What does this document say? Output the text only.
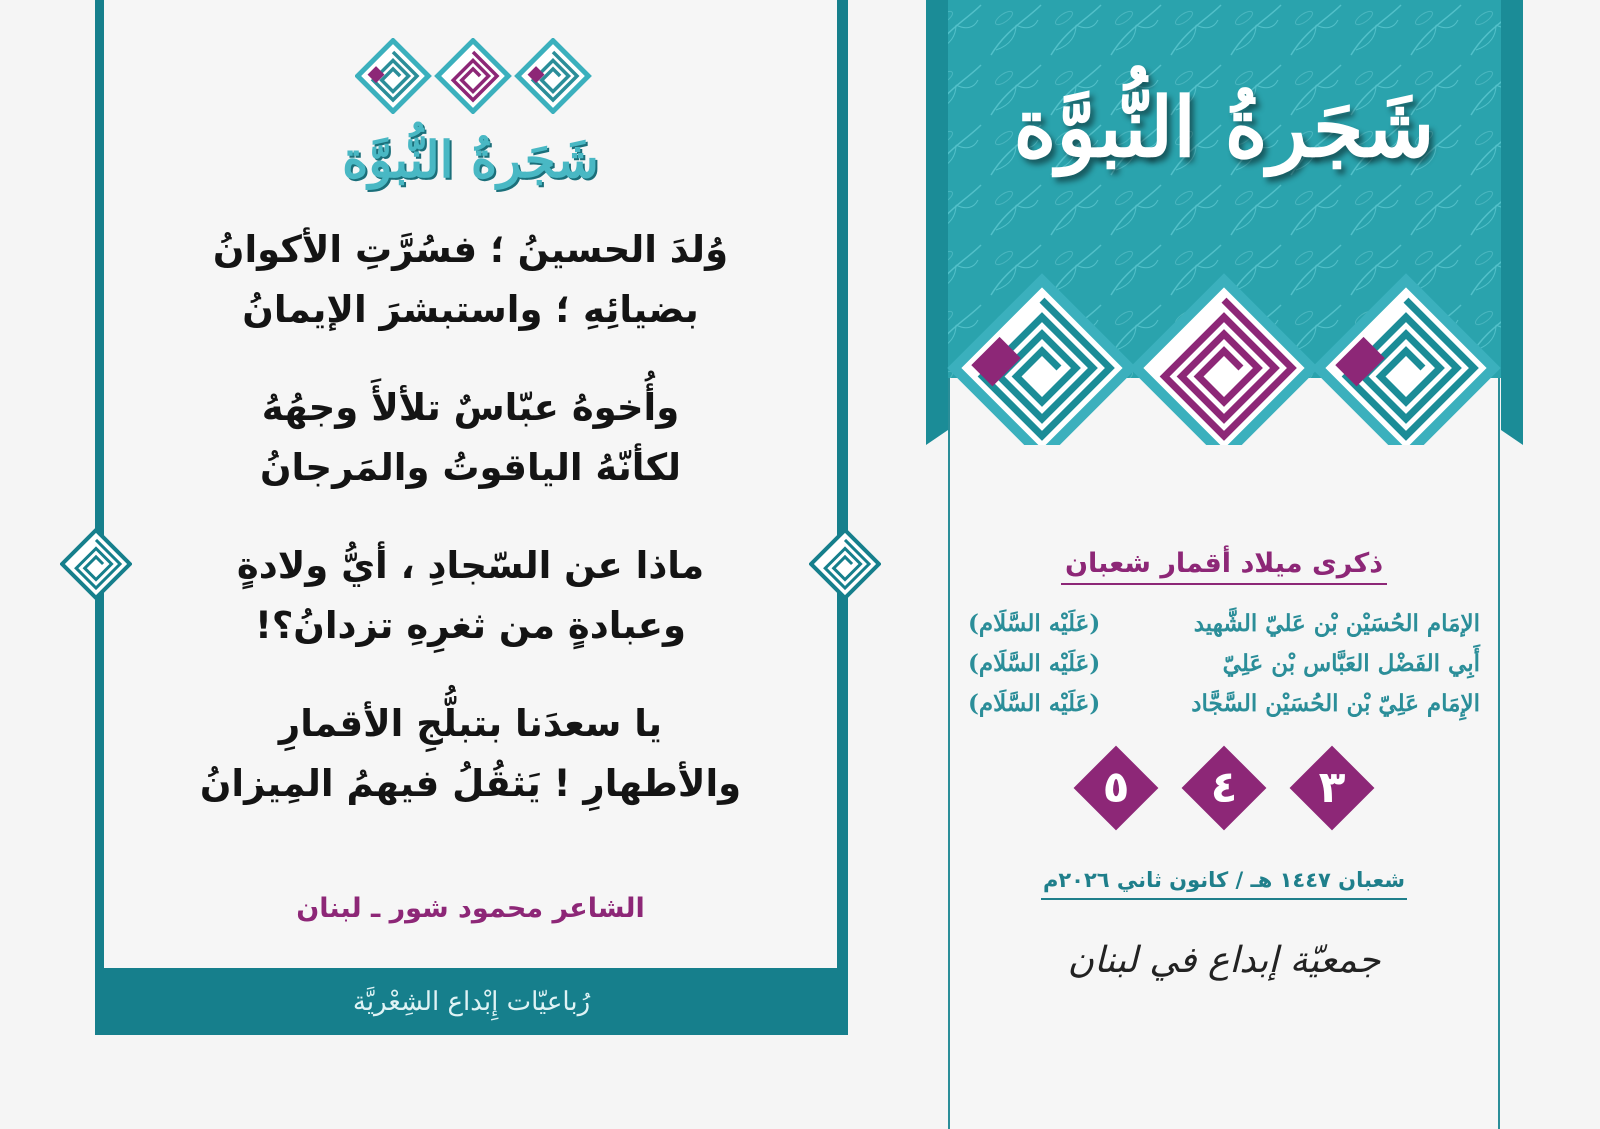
شَجَرةُ النُّبوَّة
وُلدَ الحسينُ ؛ فسُرَّتِ الأكوانُ
بضيائِهِ ؛ واستبشرَ الإيمانُ
وأُخوهُ عبّاسٌ تلألأَ وجهُهُ
لكأنّهُ الياقوتُ والمَرجانُ
ماذا عن السّجادِ ، أيُّ ولادةٍ
وعبادةٍ من ثغرِهِ تزدانُ؟!
يا سعدَنا بتبلُّجِ الأقمارِ
والأطهارِ ! يَثقُلُ فيهمُ المِيزانُ
الشاعر محمود شور ـ لبنان
رُباعيّات إِبْداع الشِعْريَّة
شَجَرةُ النُّبوَّة
ذكرى ميلاد أقمار شعبان
الإمَام الحُسَيْن بْن عَليّ الشَّهيد
(عَلَيْه السَّلَام)
أَبِي الفَضْل العَبَّاس بْن عَلِيّ
(عَلَيْه السَّلَام)
الإِمَام عَلِيّ بْن الحُسَيْن السَّجَّاد
(عَلَيْه السَّلَام)
٣
٤
٥
شعبان ١٤٤٧ هـ / كانون ثاني ٢٠٢٦م
جمعيّة إبداع في لبنان
